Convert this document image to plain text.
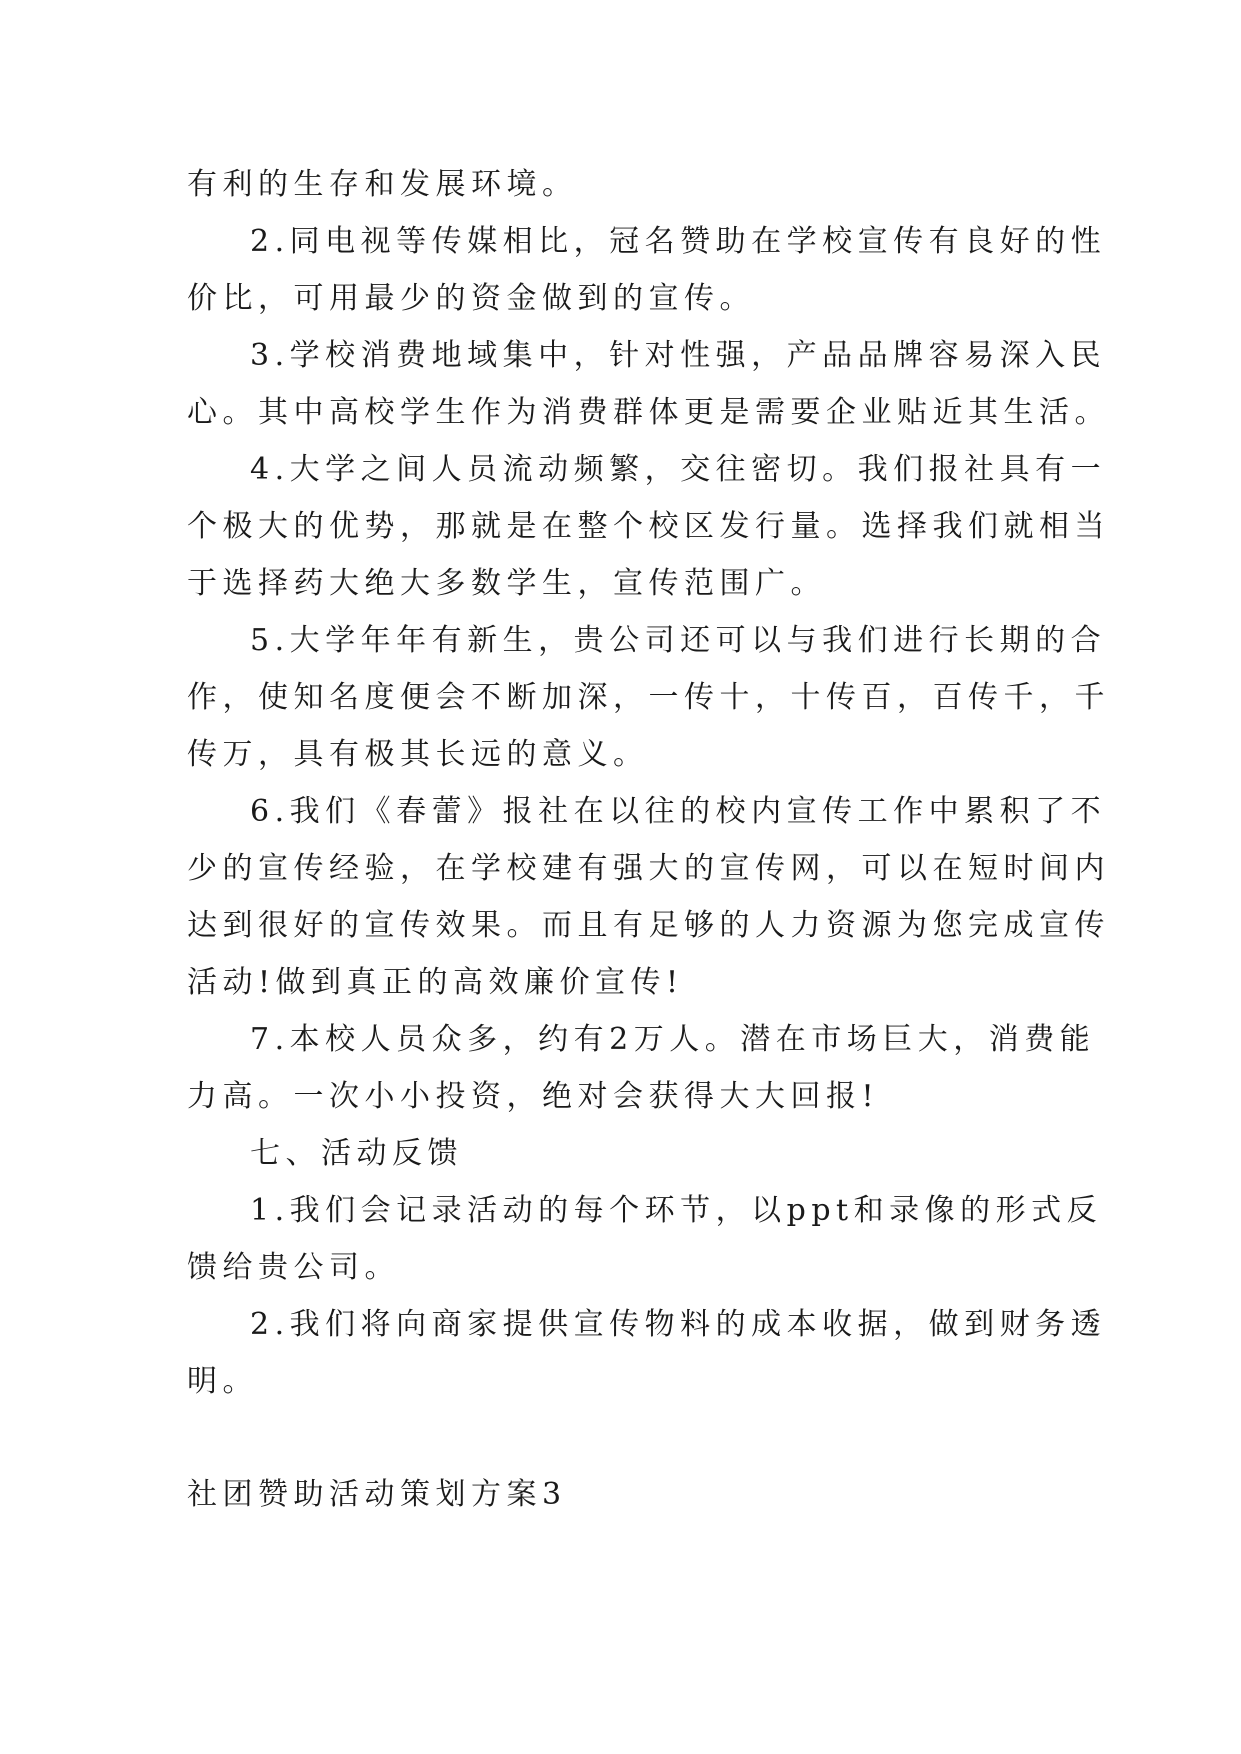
有利的生存和发展环境。
2.同电视等传媒相比，冠名赞助在学校宣传有良好的性
价比，可用最少的资金做到的宣传。
3.学校消费地域集中，针对性强，产品品牌容易深入民
心。其中高校学生作为消费群体更是需要企业贴近其生活。
4.大学之间人员流动频繁，交往密切。我们报社具有一
个极大的优势，那就是在整个校区发行量。选择我们就相当
于选择药大绝大多数学生，宣传范围广。
5.大学年年有新生，贵公司还可以与我们进行长期的合
作，使知名度便会不断加深，一传十，十传百，百传千，千
传万，具有极其长远的意义。
6.我们《春蕾》报社在以往的校内宣传工作中累积了不
少的宣传经验，在学校建有强大的宣传网，可以在短时间内
达到很好的宣传效果。而且有足够的人力资源为您完成宣传
活动!做到真正的高效廉价宣传!
7.本校人员众多，约有2万人。潜在市场巨大，消费能
力高。一次小小投资，绝对会获得大大回报!
七、活动反馈
1.我们会记录活动的每个环节，以ppt和录像的形式反
馈给贵公司。
2.我们将向商家提供宣传物料的成本收据，做到财务透
明。
社团赞助活动策划方案3
